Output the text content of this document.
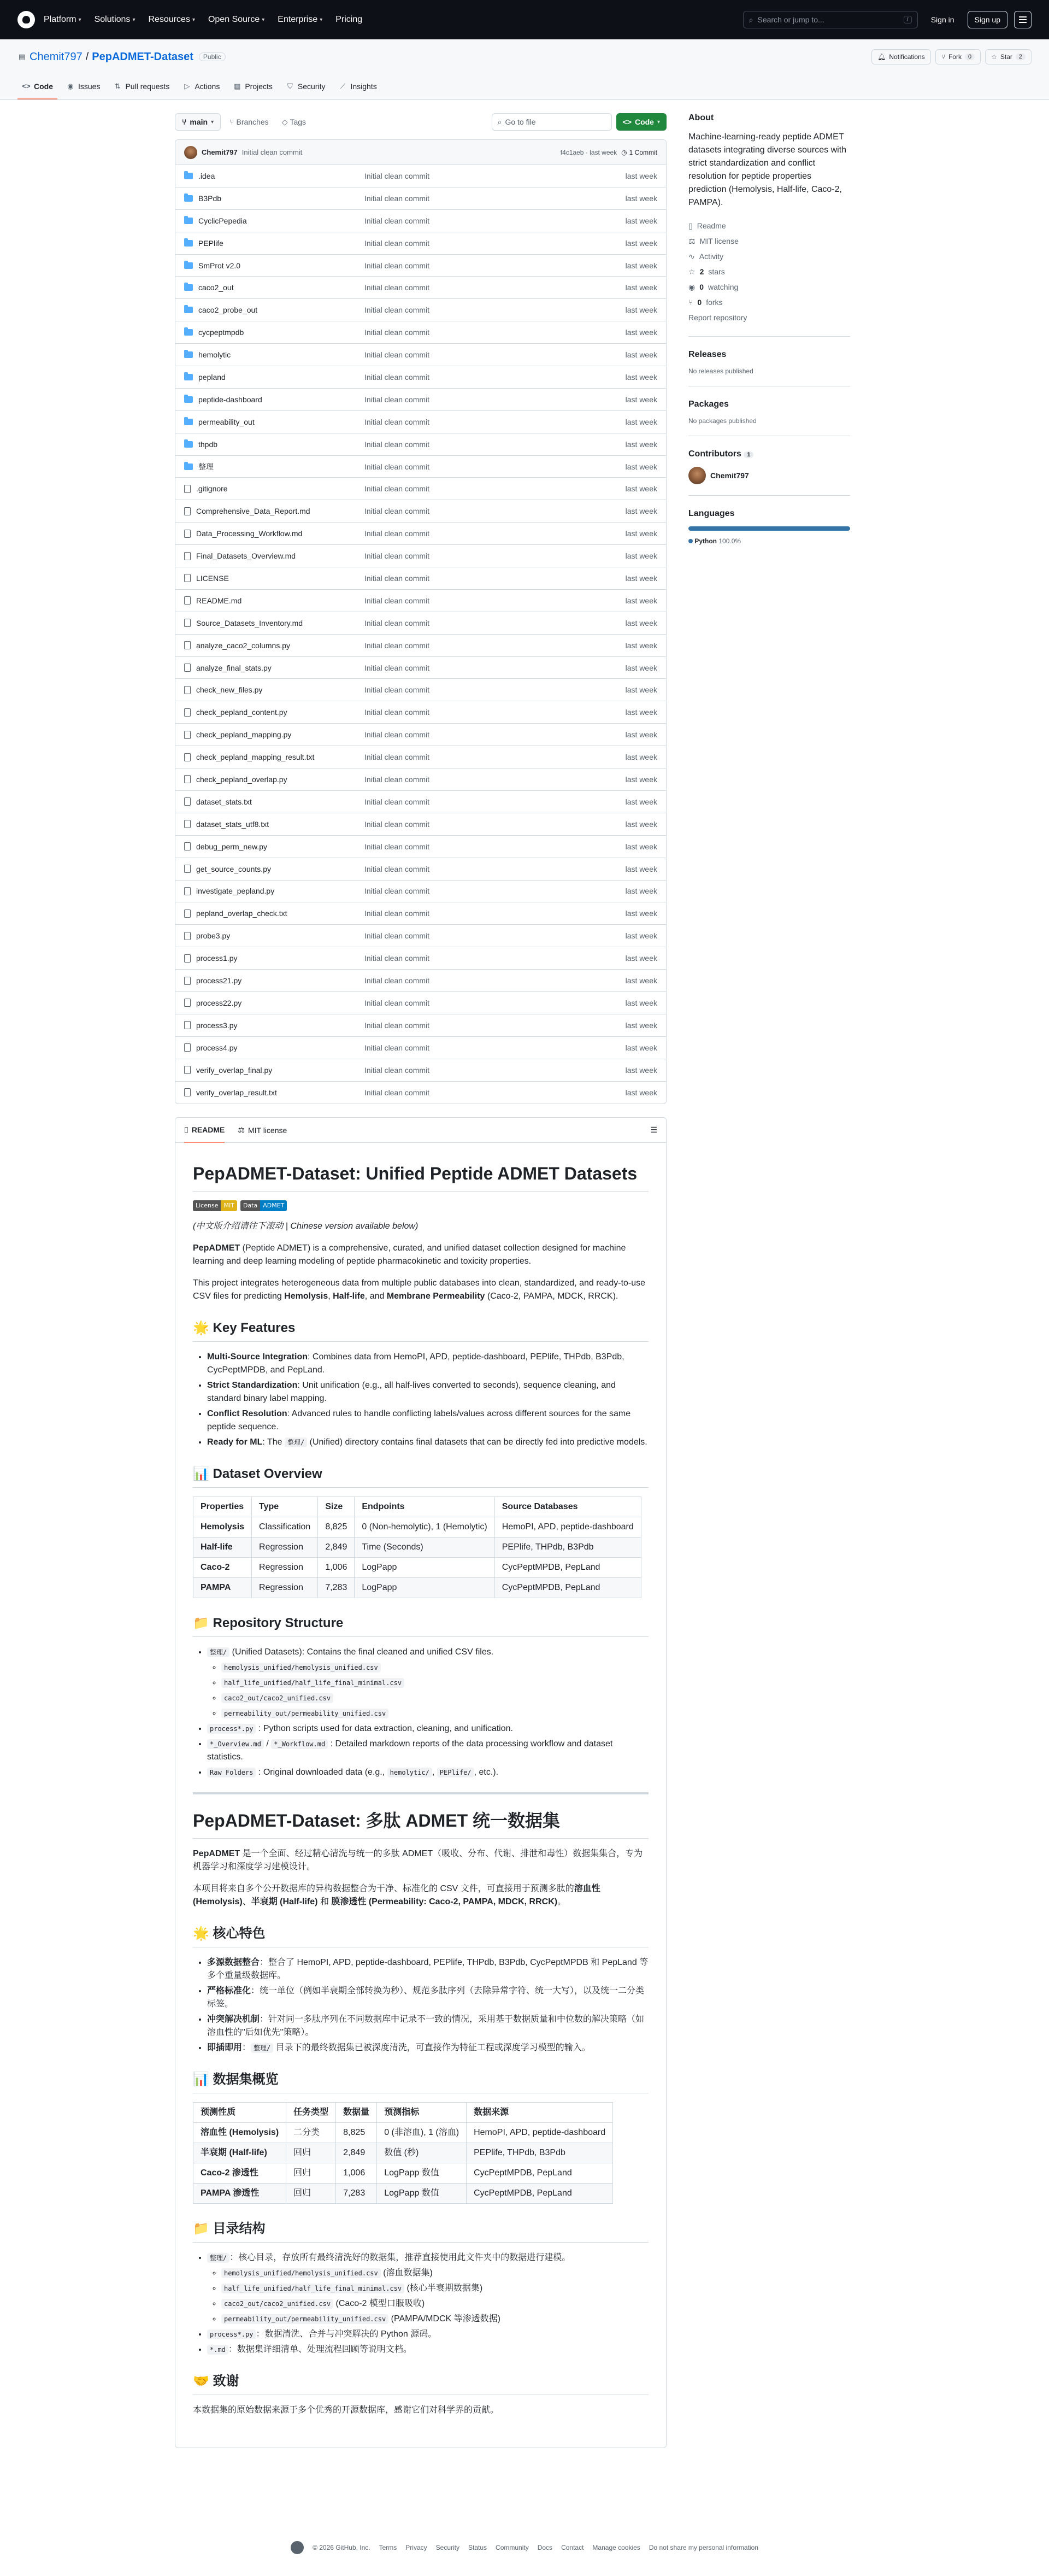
Platform ▾ Solutions ▾ Resources ▾ Open Source ▾ Enterprise ▾ Pricing	⌕ Search or jump to...	/	Sign in	Sign up
▤ Chemit797 / PepADMET-Dataset	Public	🔔︎ Notifications	⑂ Fork	0	☆ Star	2
<> Code ◉ Issues ⇅ Pull requests ▷ Actions ▦ Projects ⛉ Security ⟋ Insights
⑂ main ▾ ⑂ Branches ◇ Tags	⌕ Go to file	<> Code ▾
Chemit797 Initial clean commit	f4c1aeb · last week ◷ 1 Commit
.idea	Initial clean commit	last week
B3Pdb	Initial clean commit	last week
CyclicPepedia	Initial clean commit	last week
PEPlife	Initial clean commit	last week
SmProt v2.0	Initial clean commit	last week
caco2_out	Initial clean commit	last week
caco2_probe_out	Initial clean commit	last week
cycpeptmpdb	Initial clean commit	last week
hemolytic	Initial clean commit	last week
pepland	Initial clean commit	last week
peptide-dashboard	Initial clean commit	last week
permeability_out	Initial clean commit	last week
thpdb	Initial clean commit	last week
整理	Initial clean commit	last week
.gitignore	Initial clean commit	last week
Comprehensive_Data_Report.md	Initial clean commit	last week
Data_Processing_Workflow.md	Initial clean commit	last week
Final_Datasets_Overview.md	Initial clean commit	last week
LICENSE	Initial clean commit	last week
README.md	Initial clean commit	last week
Source_Datasets_Inventory.md	Initial clean commit	last week
analyze_caco2_columns.py	Initial clean commit	last week
analyze_final_stats.py	Initial clean commit	last week
check_new_files.py	Initial clean commit	last week
check_pepland_content.py	Initial clean commit	last week
check_pepland_mapping.py	Initial clean commit	last week
check_pepland_mapping_result.txt	Initial clean commit	last week
check_pepland_overlap.py	Initial clean commit	last week
dataset_stats.txt	Initial clean commit	last week
dataset_stats_utf8.txt	Initial clean commit	last week
debug_perm_new.py	Initial clean commit	last week
get_source_counts.py	Initial clean commit	last week
investigate_pepland.py	Initial clean commit	last week
pepland_overlap_check.txt	Initial clean commit	last week
probe3.py	Initial clean commit	last week
process1.py	Initial clean commit	last week
process21.py	Initial clean commit	last week
process22.py	Initial clean commit	last week
process3.py	Initial clean commit	last week
process4.py	Initial clean commit	last week
verify_overlap_final.py	Initial clean commit	last week
verify_overlap_result.txt	Initial clean commit	last week
▯ README ⚖ MIT license	☰
PepADMET-Dataset: Unified Peptide ADMET Datasets
License MIT	Data ADMET

(中文版介绍请往下滚动 | Chinese version available below)

PepADMET (Peptide ADMET) is a comprehensive, curated, and unified dataset collection designed for machine learning and deep learning modeling of peptide pharmacokinetic and toxicity properties.

This project integrates heterogeneous data from multiple public databases into clean, standardized, and ready-to-use CSV files for predicting Hemolysis, Half-life, and Membrane Permeability (Caco-2, PAMPA, MDCK, RRCK).

🌟 Key Features
• Multi-Source Integration: Combines data from HemoPI, APD, peptide-dashboard, PEPlife, THPdb, B3Pdb, CycPeptMPDB, and PepLand.
• Strict Standardization: Unit unification (e.g., all half-lives converted to seconds), sequence cleaning, and standard binary label mapping.
• Conflict Resolution: Advanced rules to handle conflicting labels/values across different sources for the same peptide sequence.
• Ready for ML: The 整理/ (Unified) directory contains final datasets that can be directly fed into predictive models.
📊 Dataset Overview
Properties	Type	Size	Endpoints	Source Databases
Hemolysis	Classification	8,825	0 (Non-hemolytic), 1 (Hemolytic)	HemoPI, APD, peptide-dashboard
Half-life	Regression	2,849	Time (Seconds)	PEPlife, THPdb, B3Pdb
Caco-2	Regression	1,006	LogPapp	CycPeptMPDB, PepLand
PAMPA	Regression	7,283	LogPapp	CycPeptMPDB, PepLand
📁 Repository Structure
• 整理/ (Unified Datasets): Contains the final cleaned and unified CSV files.
◦ hemolysis_unified/hemolysis_unified.csv
◦ half_life_unified/half_life_final_minimal.csv
◦ caco2_out/caco2_unified.csv
◦ permeability_out/permeability_unified.csv
• process*.py : Python scripts used for data extraction, cleaning, and unification.
• *_Overview.md / *_Workflow.md : Detailed markdown reports of the data processing workflow and dataset statistics.
• Raw Folders : Original downloaded data (e.g., hemolytic/ , PEPlife/ , etc.).
PepADMET-Dataset: 多肽 ADMET 统一数据集

PepADMET 是一个全面、经过精心清洗与统一的多肽 ADMET（吸收、分布、代谢、排泄和毒性）数据集集合，专为机器学习和深度学习建模设计。

本项目将来自多个公开数据库的异构数据整合为干净、标准化的 CSV 文件，可直接用于预测多肽的溶血性 (Hemolysis)、半衰期 (Half-life) 和 膜渗透性 (Permeability: Caco-2, PAMPA, MDCK, RRCK)。

🌟 核心特色
• 多源数据整合：整合了 HemoPI, APD, peptide-dashboard, PEPlife, THPdb, B3Pdb, CycPeptMPDB 和 PepLand 等多个重量级数据库。
• 严格标准化：统一单位（例如半衰期全部转换为秒）、规范多肽序列（去除异常字符、统一大写），以及统一二分类标签。
• 冲突解决机制：针对同一多肽序列在不同数据库中记录不一致的情况，采用基于数据质量和中位数的解决策略（如溶血性的"后如优先"策略）。
• 即插即用： 整理/ 目录下的最终数据集已被深度清洗，可直接作为特征工程或深度学习模型的输入。
📊 数据集概览
预测性质	任务类型	数据量	预测指标	数据来源
溶血性 (Hemolysis)	二分类	8,825	0 (非溶血), 1 (溶血)	HemoPI, APD, peptide-dashboard
半衰期 (Half-life)	回归	2,849	数值 (秒)	PEPlife, THPdb, B3Pdb
Caco-2 渗透性	回归	1,006	LogPapp 数值	CycPeptMPDB, PepLand
PAMPA 渗透性	回归	7,283	LogPapp 数值	CycPeptMPDB, PepLand
📁 目录结构
• 整理/ ：核心目录，存放所有最终清洗好的数据集，推荐直接使用此文件夹中的数据进行建模。
◦ hemolysis_unified/hemolysis_unified.csv (溶血数据集)
◦ half_life_unified/half_life_final_minimal.csv (核心半衰期数据集)
◦ caco2_out/caco2_unified.csv (Caco-2 模型口服吸收)
◦ permeability_out/permeability_unified.csv (PAMPA/MDCK 等渗透数据)
• process*.py ：数据清洗、合并与冲突解决的 Python 源码。
• *.md ：数据集详细清单、处理流程回顾等说明文档。
🤝 致谢

本数据集的原始数据来源于多个优秀的开源数据库，感谢它们对科学界的贡献。

About

Machine-learning-ready peptide ADMET datasets integrating diverse sources with strict standardization and conflict resolution for peptide properties prediction (Hemolysis, Half-life, Caco-2, PAMPA).

▯ Readme
⚖ MIT license
∿ Activity
☆ 2 stars
◉ 0 watching
⑂ 0 forks
Report repository
Releases
No releases published
Packages
No packages published
Contributors 1
Chemit797
Languages
Python 100.0%
© 2026 GitHub, Inc. Terms Privacy Security Status Community Docs Contact Manage cookies Do not share my personal information
